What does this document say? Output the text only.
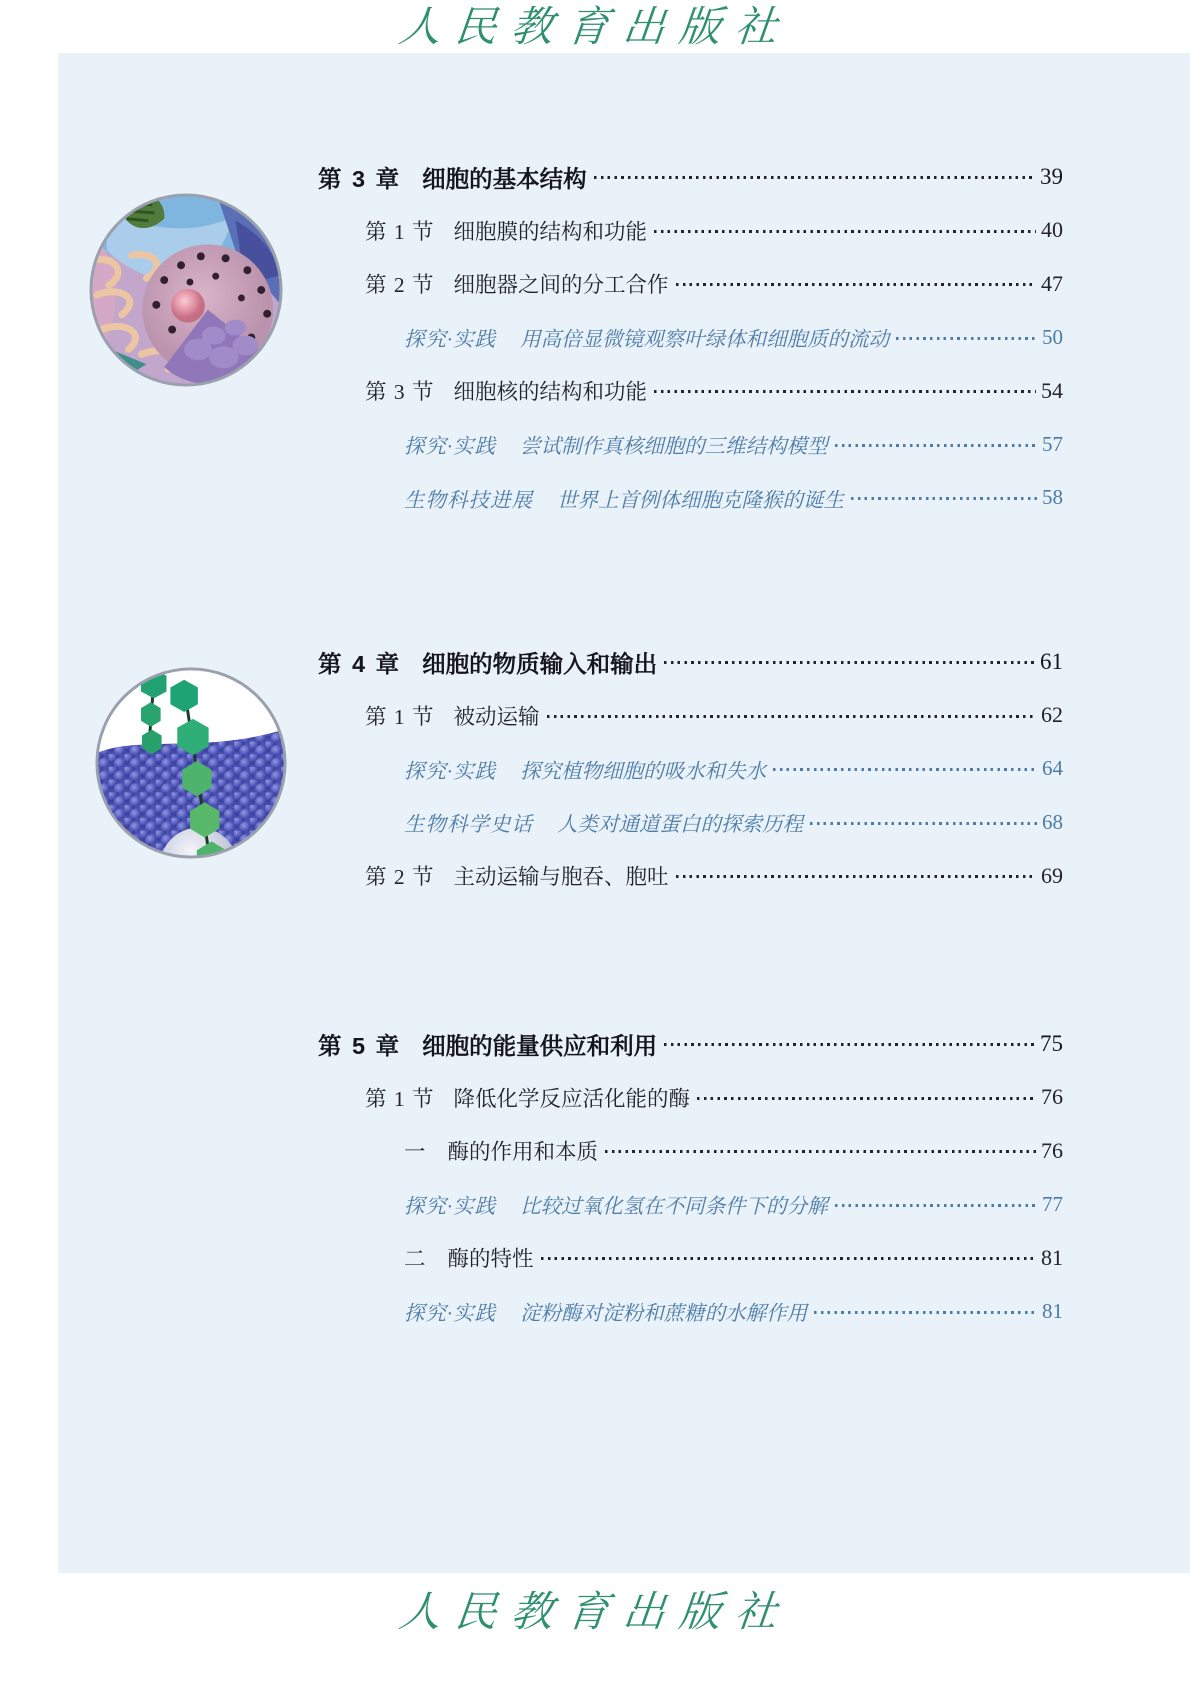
人民教育出版社
第 3 章 细胞的基本结构	39
第 1 节 细胞膜的结构和功能	40
第 2 节 细胞器之间的分工合作	47
探究·实践 用高倍显微镜观察叶绿体和细胞质的流动	50
第 3 节 细胞核的结构和功能	54
探究·实践 尝试制作真核细胞的三维结构模型	57
生物科技进展 世界上首例体细胞克隆猴的诞生	58
第 4 章 细胞的物质输入和输出	61
第 1 节 被动运输	62
探究·实践 探究植物细胞的吸水和失水	64
生物科学史话 人类对通道蛋白的探索历程	68
第 2 节 主动运输与胞吞、胞吐	69
第 5 章 细胞的能量供应和利用	75
第 1 节 降低化学反应活化能的酶	76
一 酶的作用和本质	76
探究·实践 比较过氧化氢在不同条件下的分解	77
二 酶的特性	81
探究·实践 淀粉酶对淀粉和蔗糖的水解作用	81
人民教育出版社
